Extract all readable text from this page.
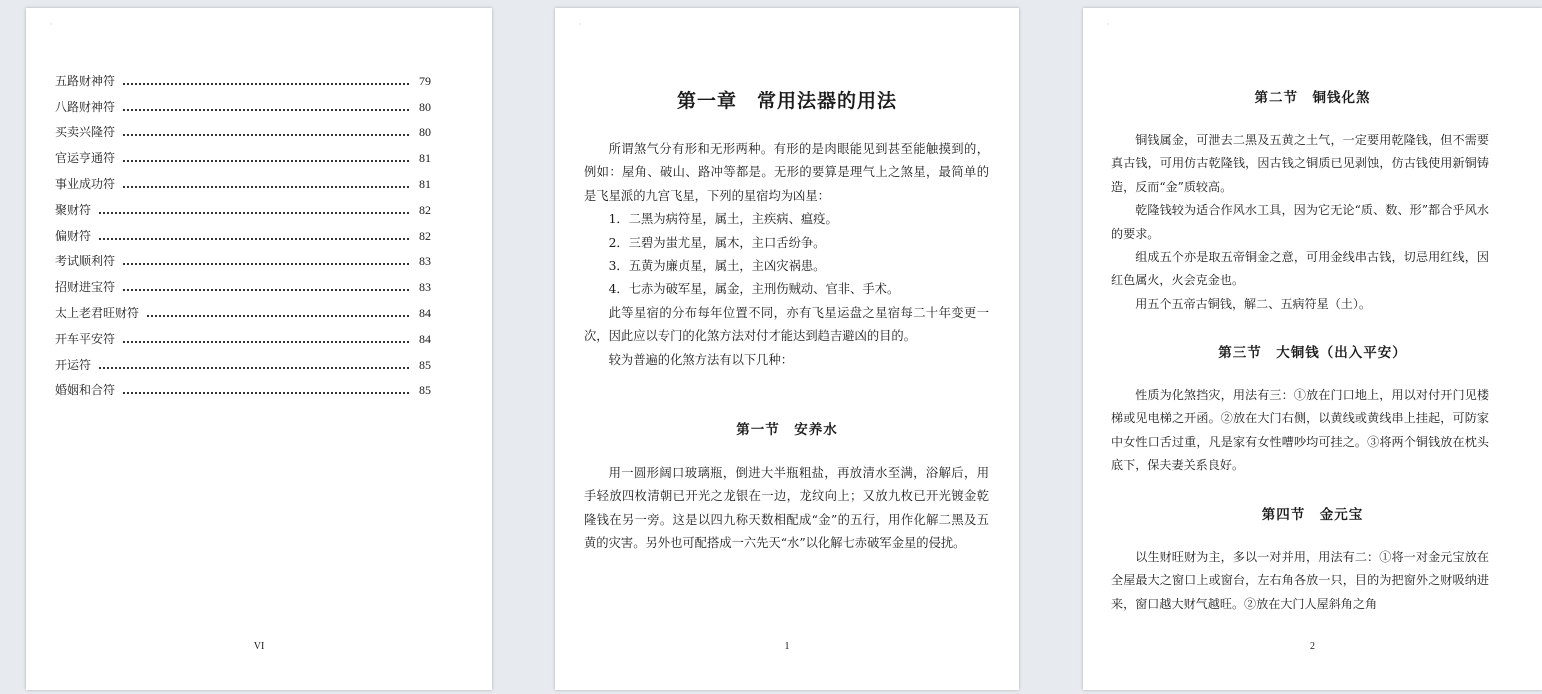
·
五路财神符	79
八路财神符	80
买卖兴隆符	80
官运亨通符	81
事业成功符	81
聚财符	82
偏财符	82
考试顺利符	83
招财进宝符	83
太上老君旺财符	84
开车平安符	84
开运符	85
婚姻和合符	85
VI
·
第一章　常用法器的用法

所谓煞气分有形和无形两种。有形的是肉眼能见到甚至能触摸到的，例如：屋角、破山、路冲等都是。无形的要算是理气上之煞星，最简单的是飞星派的九宫飞星，下列的星宿均为凶星：

1．二黑为病符星，属土，主疾病、瘟疫。

2．三碧为蚩尤星，属木，主口舌纷争。

3．五黄为廉贞星，属土，主凶灾祸患。

4．七赤为破军星，属金，主刑伤贼动、官非、手术。

此等星宿的分布每年位置不同，亦有飞星运盘之星宿每二十年变更一次，因此应以专门的化煞方法对付才能达到趋吉避凶的目的。

较为普遍的化煞方法有以下几种：

第一节　安养水

用一圆形阔口玻璃瓶，倒进大半瓶粗盐，再放清水至满，浴解后，用手轻放四枚清朝已开光之龙银在一边，龙纹向上；又放九枚已开光镀金乾隆钱在另一旁。这是以四九称天数相配成“金”的五行，用作化解二黑及五黄的灾害。另外也可配搭成一六先天“水”以化解七赤破军金星的侵扰。

1
·
第二节　铜钱化煞

铜钱属金，可泄去二黑及五黄之土气，一定要用乾隆钱，但不需要真古钱，可用仿古乾隆钱，因古钱之铜质已见剥蚀，仿古钱使用新铜铸造，反而“金”质较高。

乾隆钱较为适合作风水工具，因为它无论“质、数、形”都合乎风水的要求。

组成五个亦是取五帝铜金之意，可用金线串古钱，切忌用红线，因红色属火，火会克金也。

用五个五帝古铜钱，解二、五病符星（土）。

第三节　大铜钱（出入平安）

性质为化煞挡灾，用法有三：①放在门口地上，用以对付开门见楼梯或见电梯之开函。②放在大门右侧，以黄线或黄线串上挂起，可防家中女性口舌过重，凡是家有女性嘈吵均可挂之。③将两个铜钱放在枕头底下，保夫妻关系良好。

第四节　金元宝

以生财旺财为主，多以一对并用，用法有二：①将一对金元宝放在全屋最大之窗口上或窗台，左右角各放一只，目的为把窗外之财吸纳进来，窗口越大财气越旺。②放在大门人屋斜角之角

2
